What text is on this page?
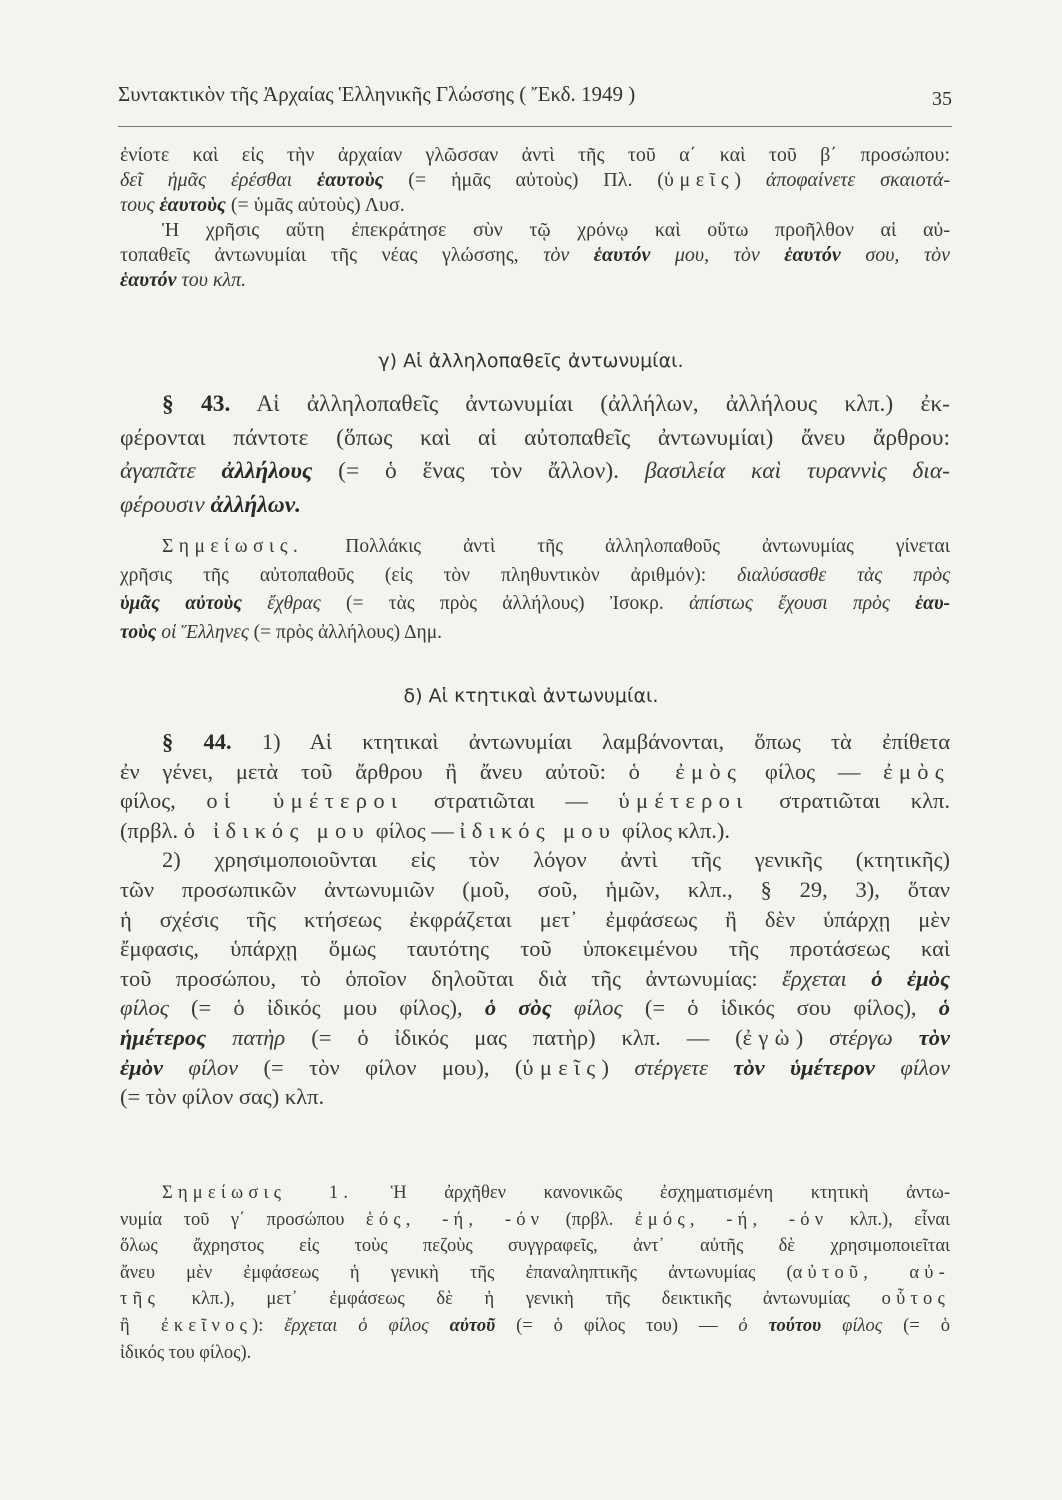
Συντακτικὸν τῆς Ἀρχαίας Ἑλληνικῆς Γλώσσης ( Ἔκδ. 1949 )	35
γ) Αἱ ἀλληλοπαθεῖς ἀντωνυμίαι.
δ) Αἱ κτητικαὶ ἀντωνυμίαι.
ἐνίοτε καὶ εἰς τὴν ἀρχαίαν γλῶσσαν ἀντὶ τῆς τοῦ α΄ καὶ τοῦ β΄ προσώπου:
δεῖ ἡμᾶς ἐρέσθαι ἑαυτοὺς (= ἡμᾶς αὐτοὺς) Πλ. (ὑμεῖς) ἀποφαίνετε σκαιοτά-
τους ἑαυτοὺς (= ὑμᾶς αὐτοὺς) Λυσ.
Ἡ χρῆσις αὕτη ἐπεκράτησε σὺν τῷ χρόνῳ καὶ οὕτω προῆλθον αἱ αὐ-
τοπαθεῖς ἀντωνυμίαι τῆς νέας γλώσσης, τὸν ἑαυτόν μου, τὸν ἑαυτόν σου, τὸν
ἑαυτόν του κλπ.
§ 43. Αἱ ἀλληλοπαθεῖς ἀντωνυμίαι (ἀλλήλων, ἀλλήλους κλπ.) ἐκ-
φέρονται πάντοτε (ὅπως καὶ αἱ αὐτοπαθεῖς ἀντωνυμίαι) ἄνευ ἄρθρου:
ἀγαπᾶτε ἀλλήλους (= ὁ ἕνας τὸν ἄλλον). βασιλεία καὶ τυραννὶς δια-
φέρουσιν ἀλλήλων.
Σημείωσις. Πολλάκις ἀντὶ τῆς ἀλληλοπαθοῦς ἀντωνυμίας γίνεται
χρῆσις τῆς αὐτοπαθοῦς (εἰς τὸν πληθυντικὸν ἀριθμόν): διαλύσασθε τὰς πρὸς
ὑμᾶς αὐτοὺς ἔχθρας (= τὰς πρὸς ἀλλήλους) Ἰσοκρ. ἀπίστως ἔχουσι πρὸς ἑαυ-
τοὺς οἱ Ἕλληνες (= πρὸς ἀλλήλους) Δημ.
§ 44. 1) Αἱ κτητικαὶ ἀντωνυμίαι λαμβάνονται, ὅπως τὰ ἐπίθετα
ἐν γένει, μετὰ τοῦ ἄρθρου ἢ ἄνευ αὐτοῦ: ὁ ἐμὸς φίλος — ἐμὸς
φίλος, οἱ ὑμέτεροι στρατιῶται — ὑμέτεροι στρατιῶται κλπ.
(πρβλ. ὁ ἰδικός μου φίλος — ἰδικός μου φίλος κλπ.).
2) χρησιμοποιοῦνται εἰς τὸν λόγον ἀντὶ τῆς γενικῆς (κτητικῆς)
τῶν προσωπικῶν ἀντωνυμιῶν (μοῦ, σοῦ, ἡμῶν, κλπ., § 29, 3), ὅταν
ἡ σχέσις τῆς κτήσεως ἐκφράζεται μετ᾽ ἐμφάσεως ἢ δὲν ὑπάρχῃ μὲν
ἔμφασις, ὑπάρχῃ ὅμως ταυτότης τοῦ ὑποκειμένου τῆς προτάσεως καὶ
τοῦ προσώπου, τὸ ὁποῖον δηλοῦται διὰ τῆς ἀντωνυμίας: ἔρχεται ὁ ἐμὸς
φίλος (= ὁ ἰδικός μου φίλος), ὁ σὸς φίλος (= ὁ ἰδικός σου φίλος), ὁ
ἡμέτερος πατὴρ (= ὁ ἰδικός μας πατὴρ) κλπ. — (ἐγὼ) στέργω τὸν
ἐμὸν φίλον (= τὸν φίλον μου), (ὑμεῖς) στέργετε τὸν ὑμέτερον φίλον
(= τὸν φίλον σας) κλπ.
Σημείωσις 1. Ἡ ἀρχῆθεν κανονικῶς ἐσχηματισμένη κτητικὴ ἀντω-
νυμία τοῦ γ΄ προσώπου ἑός, -ή, -όν (πρβλ. ἐμός, -ή, -όν κλπ.), εἶναι
ὅλως ἄχρηστος εἰς τοὺς πεζοὺς συγγραφεῖς, ἀντ᾽ αὐτῆς δὲ χρησιμοποιεῖται
ἄνευ μὲν ἐμφάσεως ἡ γενικὴ τῆς ἐπαναληπτικῆς ἀντωνυμίας (αὐτοῦ, αὐ-
τῆς κλπ.), μετ᾽ ἐμφάσεως δὲ ἡ γενικὴ τῆς δεικτικῆς ἀντωνυμίας οὗτος
ἢ ἐκεῖνος): ἔρχεται ὁ φίλος αὐτοῦ (= ὁ φίλος του) — ὁ τούτου φίλος (= ὁ
ἰδικός του φίλος).
